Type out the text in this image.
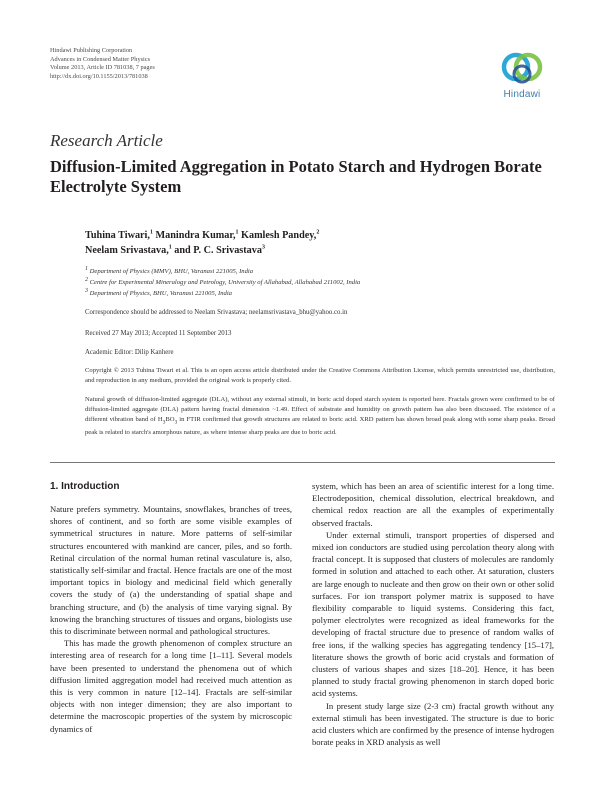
Hindawi Publishing Corporation
Advances in Condensed Matter Physics
Volume 2013, Article ID 781038, 7 pages
http://dx.doi.org/10.1155/2013/781038
Hindawi
Research Article
Diffusion-Limited Aggregation in Potato Starch and Hydrogen Borate Electrolyte System
Tuhina Tiwari,$^1$ Manindra Kumar,$^1$ Kamlesh Pandey,$^2$
Neelam Srivastava,$^1$ and P. C. Srivastava$^3$
$^1$ Department of Physics (MMV), BHU, Varanasi 221005, India
$^2$ Centre for Experimental Mineralogy and Petrology, University of Allahabad, Allahabad 211002, India
$^3$ Department of Physics, BHU, Varanasi 221005, India
Correspondence should be addressed to Neelam Srivastava; neelamsrivastava_bhu@yahoo.co.in
Received 27 May 2013; Accepted 11 September 2013
Academic Editor: Dilip Kanhere
Copyright © 2013 Tuhina Tiwari et al. This is an open access article distributed under the Creative Commons Attribution License, which permits unrestricted use, distribution, and reproduction in any medium, provided the original work is properly cited.
Natural growth of diffusion-limited aggregate (DLA), without any external stimuli, in boric acid doped starch system is reported here. Fractals grown were confirmed to be of diffusion-limited aggregate (DLA) pattern having fractal dimension ~1.49. Effect of substrate and humidity on growth pattern has also been discussed. The existence of a different vibration band of $H_3BO_3$ in FTIR confirmed that growth structures are related to boric acid. XRD pattern has shown broad peak along with some sharp peaks. Broad peak is related to starch's amorphous nature, as where intense sharp peaks are due to boric acid.
1. Introduction

Nature prefers symmetry. Mountains, snowflakes, branches of trees, shores of continent, and so forth are some visible examples of symmetrical structures in nature. More patterns of self-similar structures encountered with mankind are cancer, piles, and so forth. Retinal circulation of the normal human retinal vasculature is, also, statistically self-similar and fractal. Hence fractals are one of the most important topics in biology and medicinal field which generally covers the study of (a) the understanding of spatial shape and branching structure, and (b) the analysis of time varying signal. By knowing the branching structures of tissues and organs, biologists use this to discriminate between normal and pathological structures.

This has made the growth phenomenon of complex structure an interesting area of research for a long time [1–11]. Several models have been presented to understand the phenomena out of which diffusion limited aggregation model had received much attention as this is very common in nature [12–14]. Fractals are self-similar objects with non integer dimension; they are also important to determine the macroscopic properties of the system by microscopic dynamics of

system, which has been an area of scientific interest for a long time. Electrodeposition, chemical dissolution, electrical breakdown, and chemical redox reaction are all the examples of experimentally observed fractals.

Under external stimuli, transport properties of dispersed and mixed ion conductors are studied using percolation theory along with fractal concept. It is supposed that clusters of molecules are randomly formed in solution and attached to each other. At saturation, clusters are large enough to nucleate and then grow on their own or other solid surfaces. For ion transport polymer matrix is supposed to have flexibility comparable to liquid systems. Considering this fact, polymer electrolytes were recognized as ideal frameworks for the developing of fractal structure due to presence of random walks of free ions, if the walking species has aggregating tendency [15–17], literature shows the growth of boric acid crystals and formation of clusters of various shapes and sizes [18–20]. Hence, it has been planned to study fractal growing phenomenon in starch doped boric acid systems.

In present study large size (2-3 cm) fractal growth without any external stimuli has been investigated. The structure is due to boric acid clusters which are confirmed by the presence of intense hydrogen borate peaks in XRD analysis as well
